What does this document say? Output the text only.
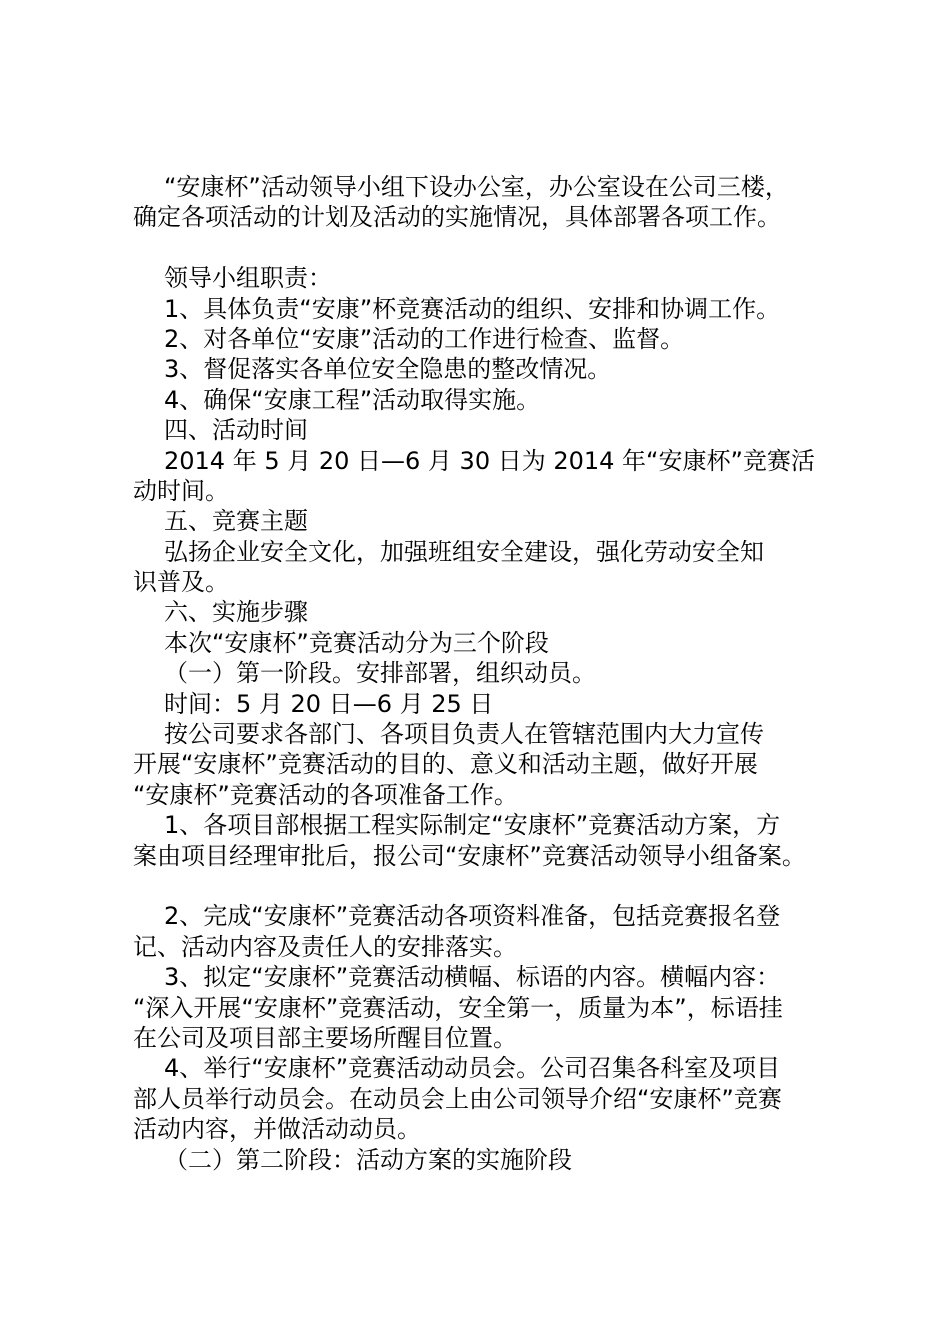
“安康杯”活动领导小组下设办公室，办公室设在公司三楼，
确定各项活动的计划及活动的实施情况，具体部署各项工作。
领导小组职责：
1、具体负责“安康”杯竞赛活动的组织、安排和协调工作。
2、对各单位“安康”活动的工作进行检查、监督。
3、督促落实各单位安全隐患的整改情况。
4、确保“安康工程”活动取得实施。
四、活动时间
2014 年 5 月 20 日—6 月 30 日为 2014 年“安康杯”竞赛活
动时间。
五、竞赛主题
弘扬企业安全文化，加强班组安全建设，强化劳动安全知
识普及。
六、实施步骤
本次“安康杯”竞赛活动分为三个阶段
（一）第一阶段。安排部署，组织动员。
时间：5 月 20 日—6 月 25 日
按公司要求各部门、各项目负责人在管辖范围内大力宣传
开展“安康杯”竞赛活动的目的、意义和活动主题，做好开展
“安康杯”竞赛活动的各项准备工作。
1、各项目部根据工程实际制定“安康杯”竞赛活动方案，方
案由项目经理审批后，报公司“安康杯”竞赛活动领导小组备案。
2、完成“安康杯”竞赛活动各项资料准备，包括竞赛报名登
记、活动内容及责任人的安排落实。
3、拟定“安康杯”竞赛活动横幅、标语的内容。横幅内容：
“深入开展“安康杯”竞赛活动，安全第一，质量为本”，标语挂
在公司及项目部主要场所醒目位置。
4、举行“安康杯”竞赛活动动员会。公司召集各科室及项目
部人员举行动员会。在动员会上由公司领导介绍“安康杯”竞赛
活动内容，并做活动动员。
（二）第二阶段：活动方案的实施阶段
